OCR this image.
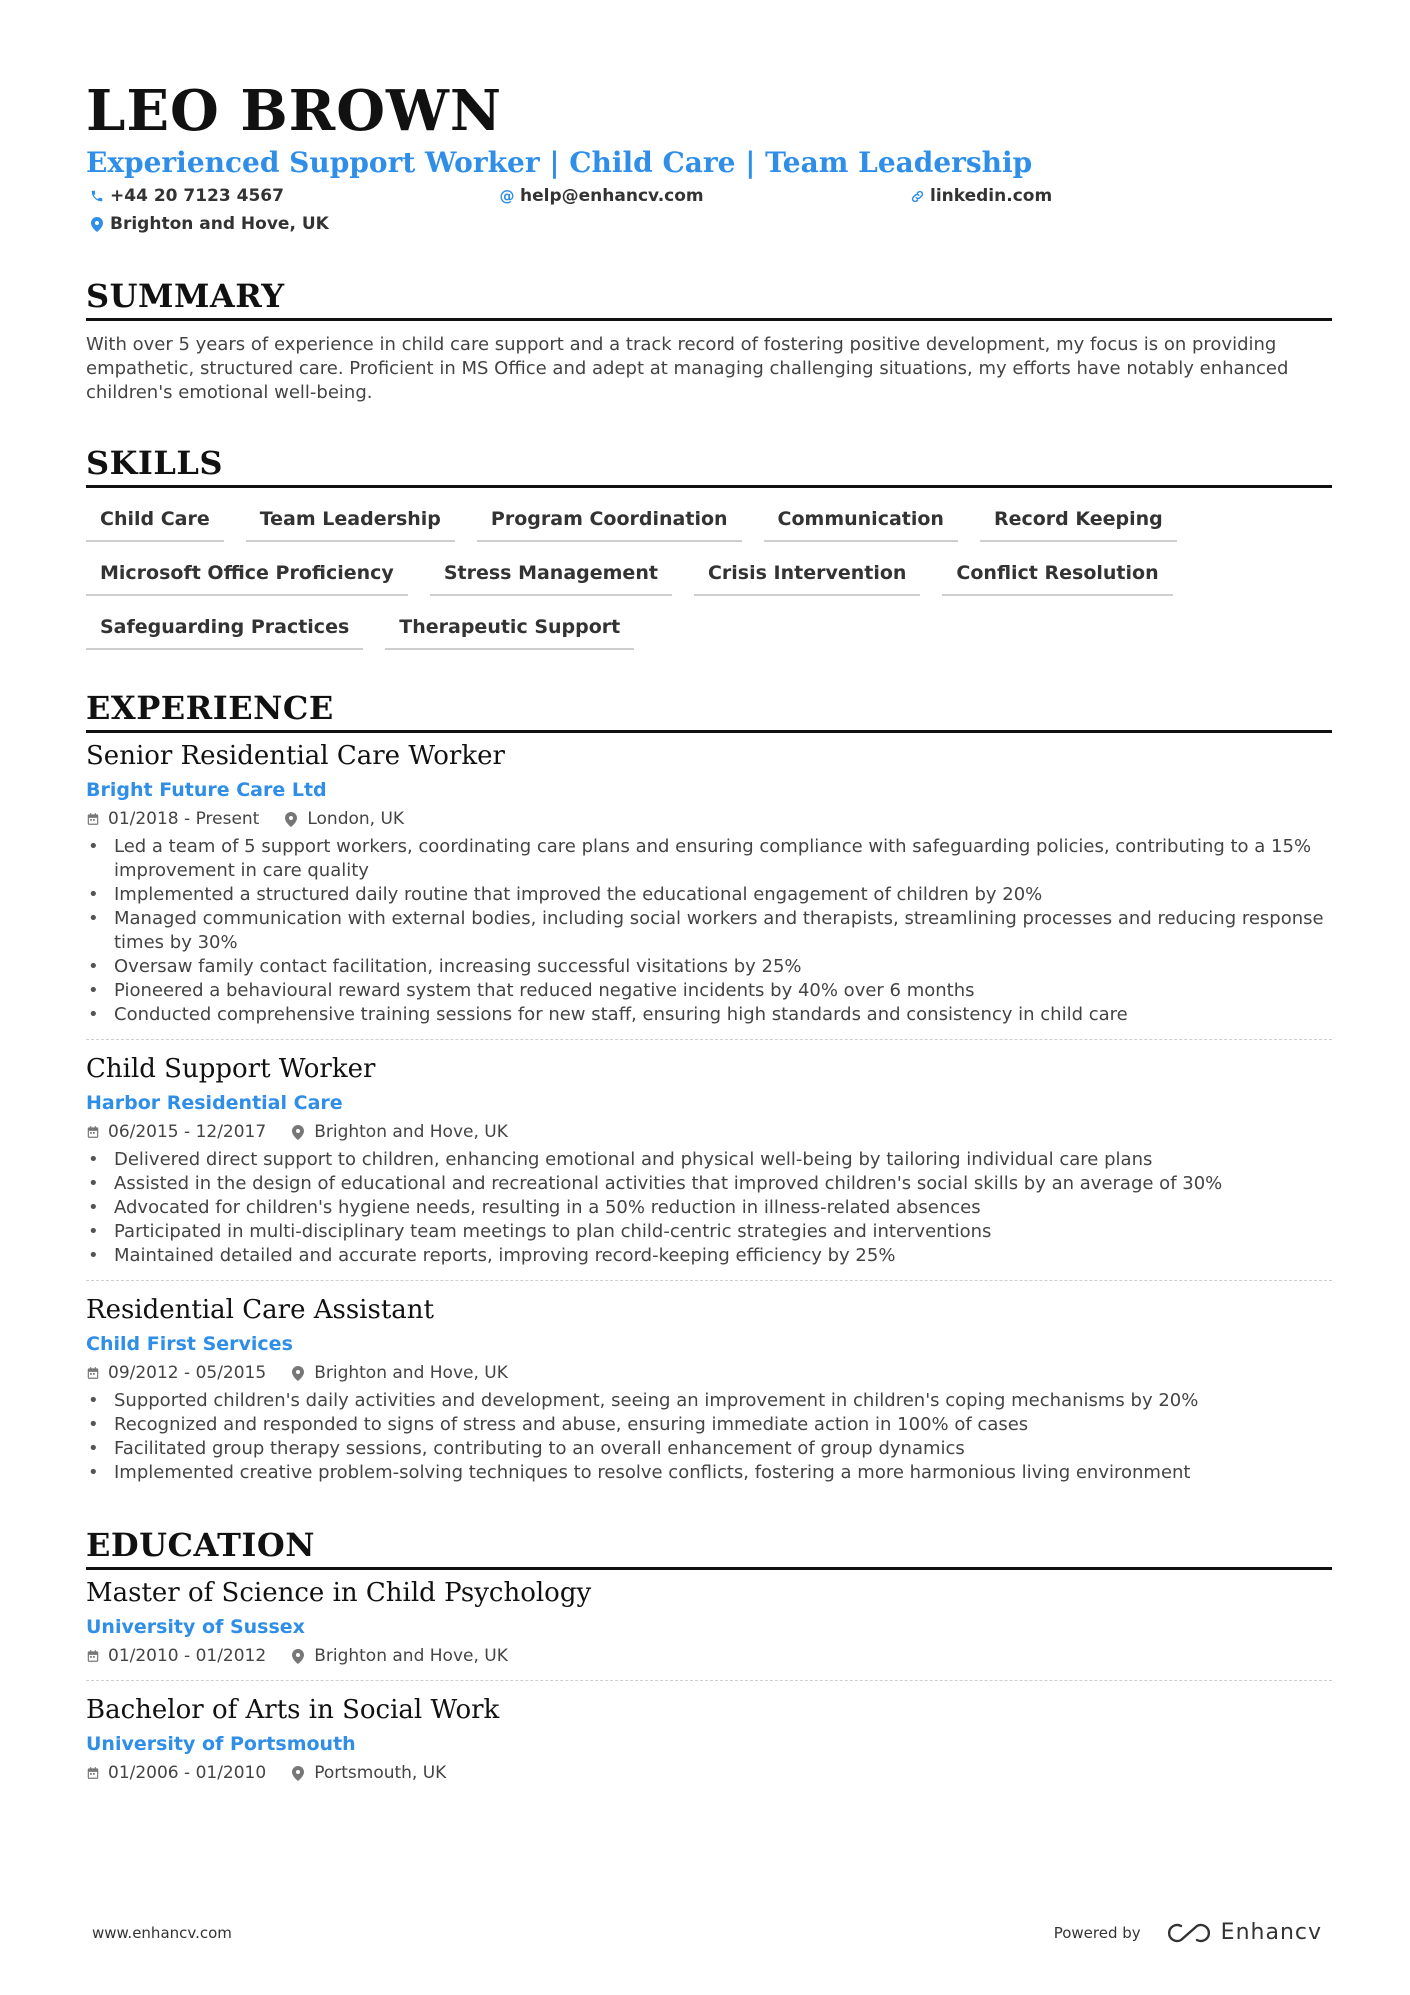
LEO BROWN
Experienced Support Worker | Child Care | Team Leadership
+44 20 7123 4567	@ help@enhancv.com	linkedin.com
Brighton and Hove, UK
SUMMARY

With over 5 years of experience in child care support and a track record of fostering positive development, my focus is on providing empathetic, structured care. Proficient in MS Office and adept at managing challenging situations, my efforts have notably enhanced children's emotional well-being.

SKILLS
Child Care	Team Leadership	Program Coordination	Communication	Record Keeping
Microsoft Office Proficiency	Stress Management	Crisis Intervention	Conflict Resolution
Safeguarding Practices	Therapeutic Support
EXPERIENCE
Senior Residential Care Worker
Bright Future Care Ltd
01/2018 - Present	London, UK
• Led a team of 5 support workers, coordinating care plans and ensuring compliance with safeguarding policies, contributing to a 15% improvement in care quality
• Implemented a structured daily routine that improved the educational engagement of children by 20%
• Managed communication with external bodies, including social workers and therapists, streamlining processes and reducing response times by 30%
• Oversaw family contact facilitation, increasing successful visitations by 25%
• Pioneered a behavioural reward system that reduced negative incidents by 40% over 6 months
• Conducted comprehensive training sessions for new staff, ensuring high standards and consistency in child care
Child Support Worker
Harbor Residential Care
06/2015 - 12/2017	Brighton and Hove, UK
• Delivered direct support to children, enhancing emotional and physical well-being by tailoring individual care plans
• Assisted in the design of educational and recreational activities that improved children's social skills by an average of 30%
• Advocated for children's hygiene needs, resulting in a 50% reduction in illness-related absences
• Participated in multi-disciplinary team meetings to plan child-centric strategies and interventions
• Maintained detailed and accurate reports, improving record-keeping efficiency by 25%
Residential Care Assistant
Child First Services
09/2012 - 05/2015	Brighton and Hove, UK
• Supported children's daily activities and development, seeing an improvement in children's coping mechanisms by 20%
• Recognized and responded to signs of stress and abuse, ensuring immediate action in 100% of cases
• Facilitated group therapy sessions, contributing to an overall enhancement of group dynamics
• Implemented creative problem-solving techniques to resolve conflicts, fostering a more harmonious living environment
EDUCATION
Master of Science in Child Psychology
University of Sussex
01/2010 - 01/2012	Brighton and Hove, UK
Bachelor of Arts in Social Work
University of Portsmouth
01/2006 - 01/2010	Portsmouth, UK
www.enhancv.com	Powered by	Enhancv
